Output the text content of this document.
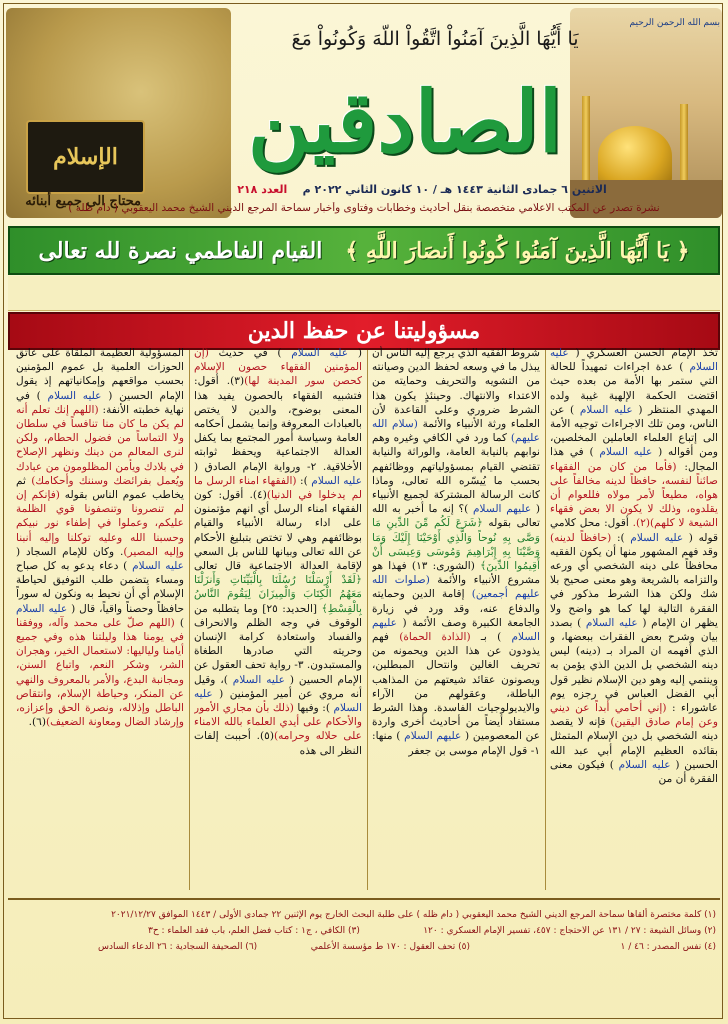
بسم الله الرحمن الرحيم
الإسلام
محتاج الى جميع أبنائه
يَا أَيُّهَا الَّذِينَ آمَنُواْ اتَّقُواْ اللّهَ وَكُونُواْ مَعَ
الصادقين
الاثنين ٦ جمادى الثانية ١٤٤٣ هـ / ١٠ كانون الثاني ٢٠٢٢ م    العدد ٢١٨
نشرة تصدر عن المكتب الاعلامي متخصصة بنقل أحاديث وخطابات وفتاوى وأخبار سماحة المرجع الديني الشيخ محمد اليعقوبي ( دام ظله )
﴿ يَا أَيُّهَا الَّذِينَ آمَنُوا كُونُوا أَنصَارَ اللَّهِ ﴾   القيام الفاطمي نصرة لله تعالى
مسؤوليتنا عن حفظ الدين

تخذ الإمام الحسن العسكري ( عليه السلام ) عدة اجراءات تمهيداً للحالة التي ستمر بها الأمة من بعده حيث اقتضت الحكمة الإلهية غيبة ولده المهدي المنتظر ( عليه السلام ) عن الناس، ومن تلك الاجراءات توجيه الأمة الى إتباع العلماء العاملين المخلصين، ومن أقواله ( عليه السلام ) في هذا المجال: (فأما من كان من الفقهاء صائناً لنفسه، حافظاً لدينه مخالفاً على هواه، مطيعاً لأمر مولاه فللعوام أن يقلدوه، وذلك لا يكون الا بعض فقهاء الشيعة لا كلهم)(٢). أقول: محل كلامي قوله ( عليه السلام ): (حافظاً لدينه) وقد فهم المشهور منها أن يكون الفقيه محافظاً على دينه الشخصي أي ورعه والتزامه بالشريعة وهو معنى صحيح بلا شك ولكن هذا الشرط مذكور في الفقرة التالية لها كما هو واضح ولا يظهر ان الإمام ( عليه السلام ) بصدد بيان وشرح بعض الفقرات ببعضها، و الذي أفهمه ان المراد بـ (دينه) ليس دينه الشخصي بل الدين الذي يؤمن به وينتمي إليه وهو دين الإسلام نظير قول أبي الفضل العباس في رجزه يوم عاشوراء : (إني أحامي أبداً عن ديني وعن إمام صادق اليقين) فإنه لا يقصد دينه الشخصي بل دين الإسلام المتمثل بقائده العظيم الإمام أبي عبد الله الحسين ( عليه السلام ) فيكون معنى الفقرة أن من

شروط الفقيه الذي يرجع إليه الناس أن يبذل ما في وسعه لحفظ الدين وصيانته من التشويه والتحريف وحمايته من الاعتداء والانتهاك. وحينئذٍ يكون هذا الشرط ضروري وعلى القاعدة لأن العلماء ورثة الأنبياء والأئمة (سلام الله عليهم) كما ورد في الكافي وغيره وهم نوابهم بالنيابة العامة، والوراثة والنيابة تقتضي القيام بمسؤولياتهم ووظائفهم بحسب ما يُيسّره الله تعالى، وماذا كانت الرسالة المشتركة لجميع الأنبياء ( عليهم السلام )؟ إنه ما أخبر به الله تعالى بقوله ﴿شَرَعَ لَكُم مِّنَ الدِّينِ مَا وَصَّى بِهِ نُوحاً وَالَّذِي أَوْحَيْنَا إِلَيْكَ وَمَا وَصَّيْنَا بِهِ إِبْرَاهِيمَ وَمُوسَى وَعِيسَى أَنْ أَقِيمُوا الدِّينَ﴾ (الشورى: ١٣) فهذا هو مشروع الأنبياء والأئمة (صلوات الله عليهم أجمعين) إقامة الدين وحمايته والدفاع عنه، وقد ورد في زيارة الجامعة الكبيرة وصف الأئمة ( عليهم السلام ) بـ (الذادة الحماة) فهم يذودون عن هذا الدين ويحمونه من تحريف الغالين وانتحال المبطلين، ويصونون عقائد شيعتهم من المذاهب الباطلة، وعقولهم من الآراء والايديولوجيات الفاسدة. وهذا الشرط مستفاد أيضاً من أحاديث أخرى واردة عن المعصومين ( عليهم السلام ) منها: ١- قول الإمام موسى بن جعفر

( عليه السلام ) في حديث (إن المؤمنين الفقهاء حصون الإسلام كحصن سور المدينة لها)(٣). أقول: فتشبيه الفقهاء بالحصون يفيد هذا المعنى بوضوح، والدين لا يختص بالعبادات المعروفة وإنما يشمل أحكامه العامة وسياسة أمور المجتمع بما يكفل العدالة الاجتماعية ويحفظ ثوابته الأخلاقية. ٢- ورواية الإمام الصادق ( عليه السلام ): (الفقهاء امناء الرسل ما لم يدخلوا في الدنيا)(٤). أقول: كون الفقهاء امناء الرسل أي انهم مؤتمنون على اداء رسالة الأنبياء والقيام بوظائفهم وهي لا تختص بتبليغ الأحكام عن الله تعالى وبيانها للناس بل السعي لإقامة العدالة الاجتماعية قال تعالى ﴿لَقَدْ أَرْسَلْنَا رُسُلَنَا بِالْبَيِّنَاتِ وَأَنزَلْنَا مَعَهُمُ الْكِتَابَ وَالْمِيزَانَ لِيَقُومَ النَّاسُ بِالْقِسْطِ﴾ [الحديد: ٢٥] وما يتطلبه من الوقوف في وجه الظلم والانحراف والفساد واستعادة كرامة الإنسان وحريته التي صادرها الطغاة والمستبدون. ٣- رواية تحف العقول عن الإمام الحسين ( عليه السلام )، وقيل أنه مروي عن أمير المؤمنين ( عليه السلام ): وفيها (ذلك بأن مجاري الأمور والأحكام على أيدي العلماء بالله الامناء على حلاله وحرامه)(٥). أحببت إلفات النظر الى هذه

المسؤولية العظيمة الملقاة على عاتق الحوزات العلمية بل عموم المؤمنين بحسب مواقعهم وإمكانياتهم إذ يقول الإمام الحسين ( عليه السلام ) في نهاية خطبته الأنفة: (اللهم إنك تعلم أنه لم يكن ما كان منا تنافساً في سلطان ولا التماساً من فضول الحطام، ولكن لنرى المعالم من دينك ونظهر الإصلاح في بلادك ويأمن المظلومون من عبادك ويُعمل بفرائضك وسننك وأحكامك) ثم يخاطب عموم الناس بقوله (فإنكم إن لم تنصرونا وتنصفونا قوي الظلمة عليكم، وعملوا في إطفاء نور نبيكم وحسبنا الله وعليه توكلنا وإليه أنبنا وإليه المصير). وكان للإمام السجاد ( عليه السلام ) دعاء يدعو به كل صباح ومساء يتضمن طلب التوفيق لحياطة الإسلام أي أن نحيط به ونكون له سوراً حافظاً وحصناً واقياً، قال ( عليه السلام ) (اللهم صلّ على محمد وآله، ووفقنا في يومنا هذا وليلتنا هذه وفي جميع أيامنا ولياليها: لاستعمال الخير، وهجران الشر، وشكر النعم، واتباع السنن، ومجانبة البدع، والأمر بالمعروف والنهي عن المنكر، وحياطة الإسلام، وانتقاص الباطل وإذلاله، ونصرة الحق وإعزازه، وإرشاد الضال ومعاونة الضعيف)(٦).

(١) كلمة مختصرة ألقاها سماحة المرجع الديني الشيخ محمد اليعقوبي ( دام ظله ) على طلبة البحث الخارج يوم الإثنين ٢٢ جمادى الأولى / ١٤٤٣ الموافق ٢٠٢١/١٢/٢٧
(٢) وسائل الشيعة : ٢٧ / ١٣١ عن الاحتجاج : ٤٥٧، تفسير الإمام العسكري : ١٢٠
(٣) الكافي ، ج١ : كتاب فضل العلم، باب فقد العلماء : ح٣
(٤) نفس المصدر : ٤٦ / ١
(٥) تحف العقول : ١٧٠ ط مؤسسة الأعلمي
(٦) الصحيفة السجادية : ٢٦ الدعاء السادس
